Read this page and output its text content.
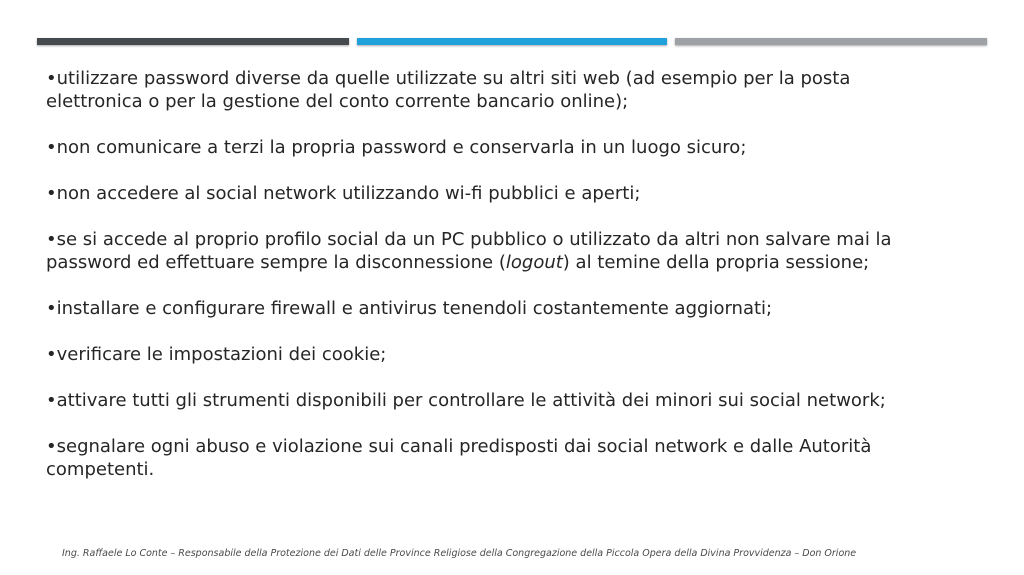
•utilizzare password diverse da quelle utilizzate su altri siti web (ad esempio per la posta
elettronica o per la gestione del conto corrente bancario online);

•non comunicare a terzi la propria password e conservarla in un luogo sicuro;

•non accedere al social network utilizzando wi-fi pubblici e aperti;

•se si accede al proprio profilo social da un PC pubblico o utilizzato da altri non salvare mai la
password ed effettuare sempre la disconnessione (logout) al temine della propria sessione;

•installare e configurare firewall e antivirus tenendoli costantemente aggiornati;

•verificare le impostazioni dei cookie;

•attivare tutti gli strumenti disponibili per controllare le attività dei minori sui social network;

•segnalare ogni abuso e violazione sui canali predisposti dai social network e dalle Autorità
competenti.

Ing. Raffaele Lo Conte – Responsabile della Protezione dei Dati delle Province Religiose della Congregazione della Piccola Opera della Divina Provvidenza – Don Orione
